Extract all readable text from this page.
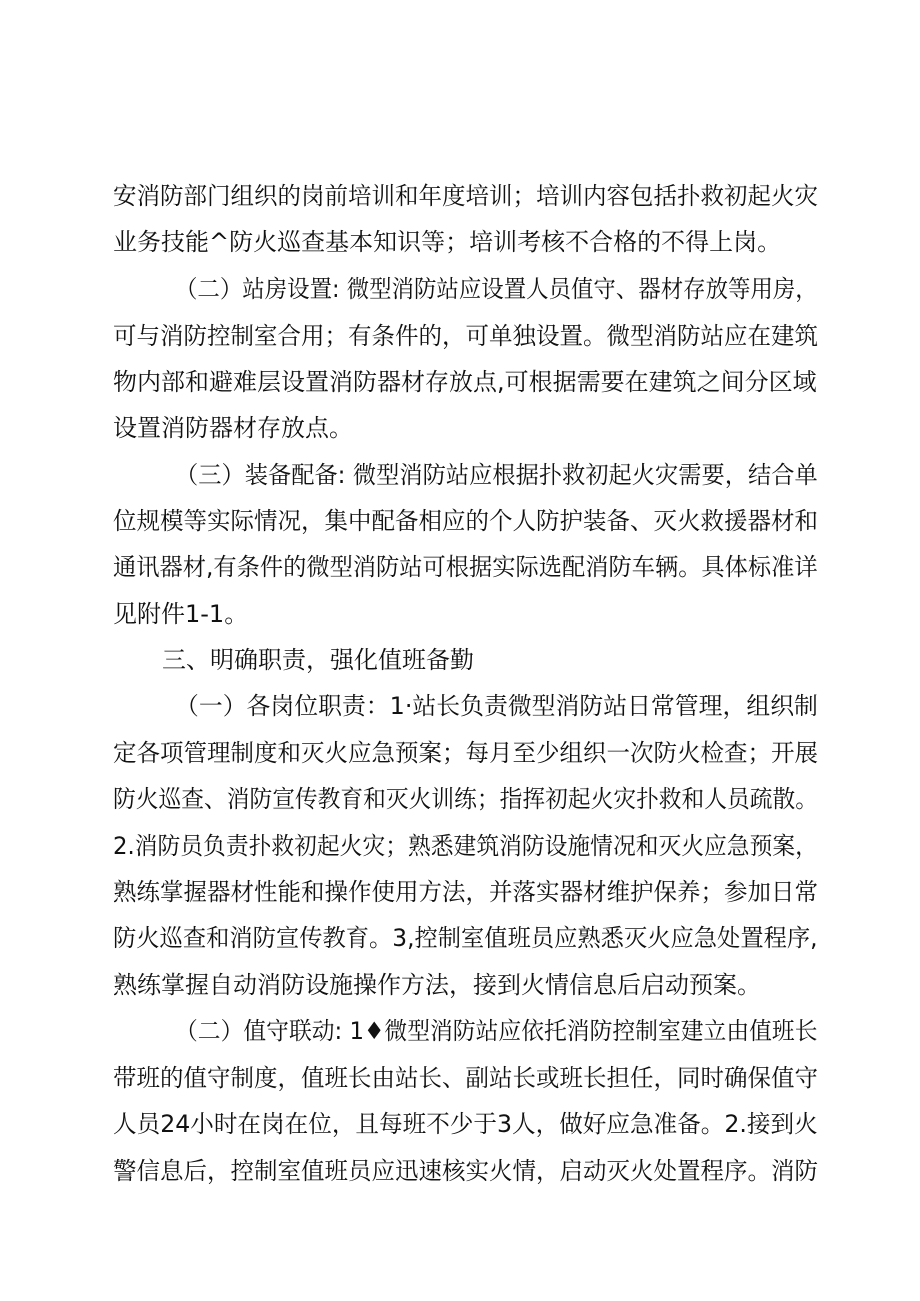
安消防部门组织的岗前培训和年度培训；培训内容包括扑救初起火灾
业务技能^防火巡查基本知识等；培训考核不合格的不得上岗。
（二）站房设置: 微型消防站应设置人员值守、器材存放等用房，
可与消防控制室合用；有条件的，可单独设置。微型消防站应在建筑
物内部和避难层设置消防器材存放点,可根据需要在建筑之间分区域
设置消防器材存放点。
（三）装备配备: 微型消防站应根据扑救初起火灾需要，结合单
位规模等实际情况，集中配备相应的个人防护装备、灭火救援器材和
通讯器材,有条件的微型消防站可根据实际选配消防车辆。具体标准详
见附件1-1。
三、明确职责，强化值班备勤
（一）各岗位职责：1·站长负责微型消防站日常管理，组织制
定各项管理制度和灭火应急预案；每月至少组织一次防火检查；开展
防火巡查、消防宣传教育和灭火训练；指挥初起火灾扑救和人员疏散。
2.消防员负责扑救初起火灾；熟悉建筑消防设施情况和灭火应急预案，
熟练掌握器材性能和操作使用方法，并落实器材维护保养；参加日常
防火巡查和消防宣传教育。3,控制室值班员应熟悉灭火应急处置程序,
熟练掌握自动消防设施操作方法，接到火情信息后启动预案。
（二）值守联动: 1♦微型消防站应依托消防控制室建立由值班长
带班的值守制度，值班长由站长、副站长或班长担任，同时确保值守
人员24小时在岗在位，且每班不少于3人，做好应急准备。2.接到火
警信息后，控制室值班员应迅速核实火情，启动灭火处置程序。消防
